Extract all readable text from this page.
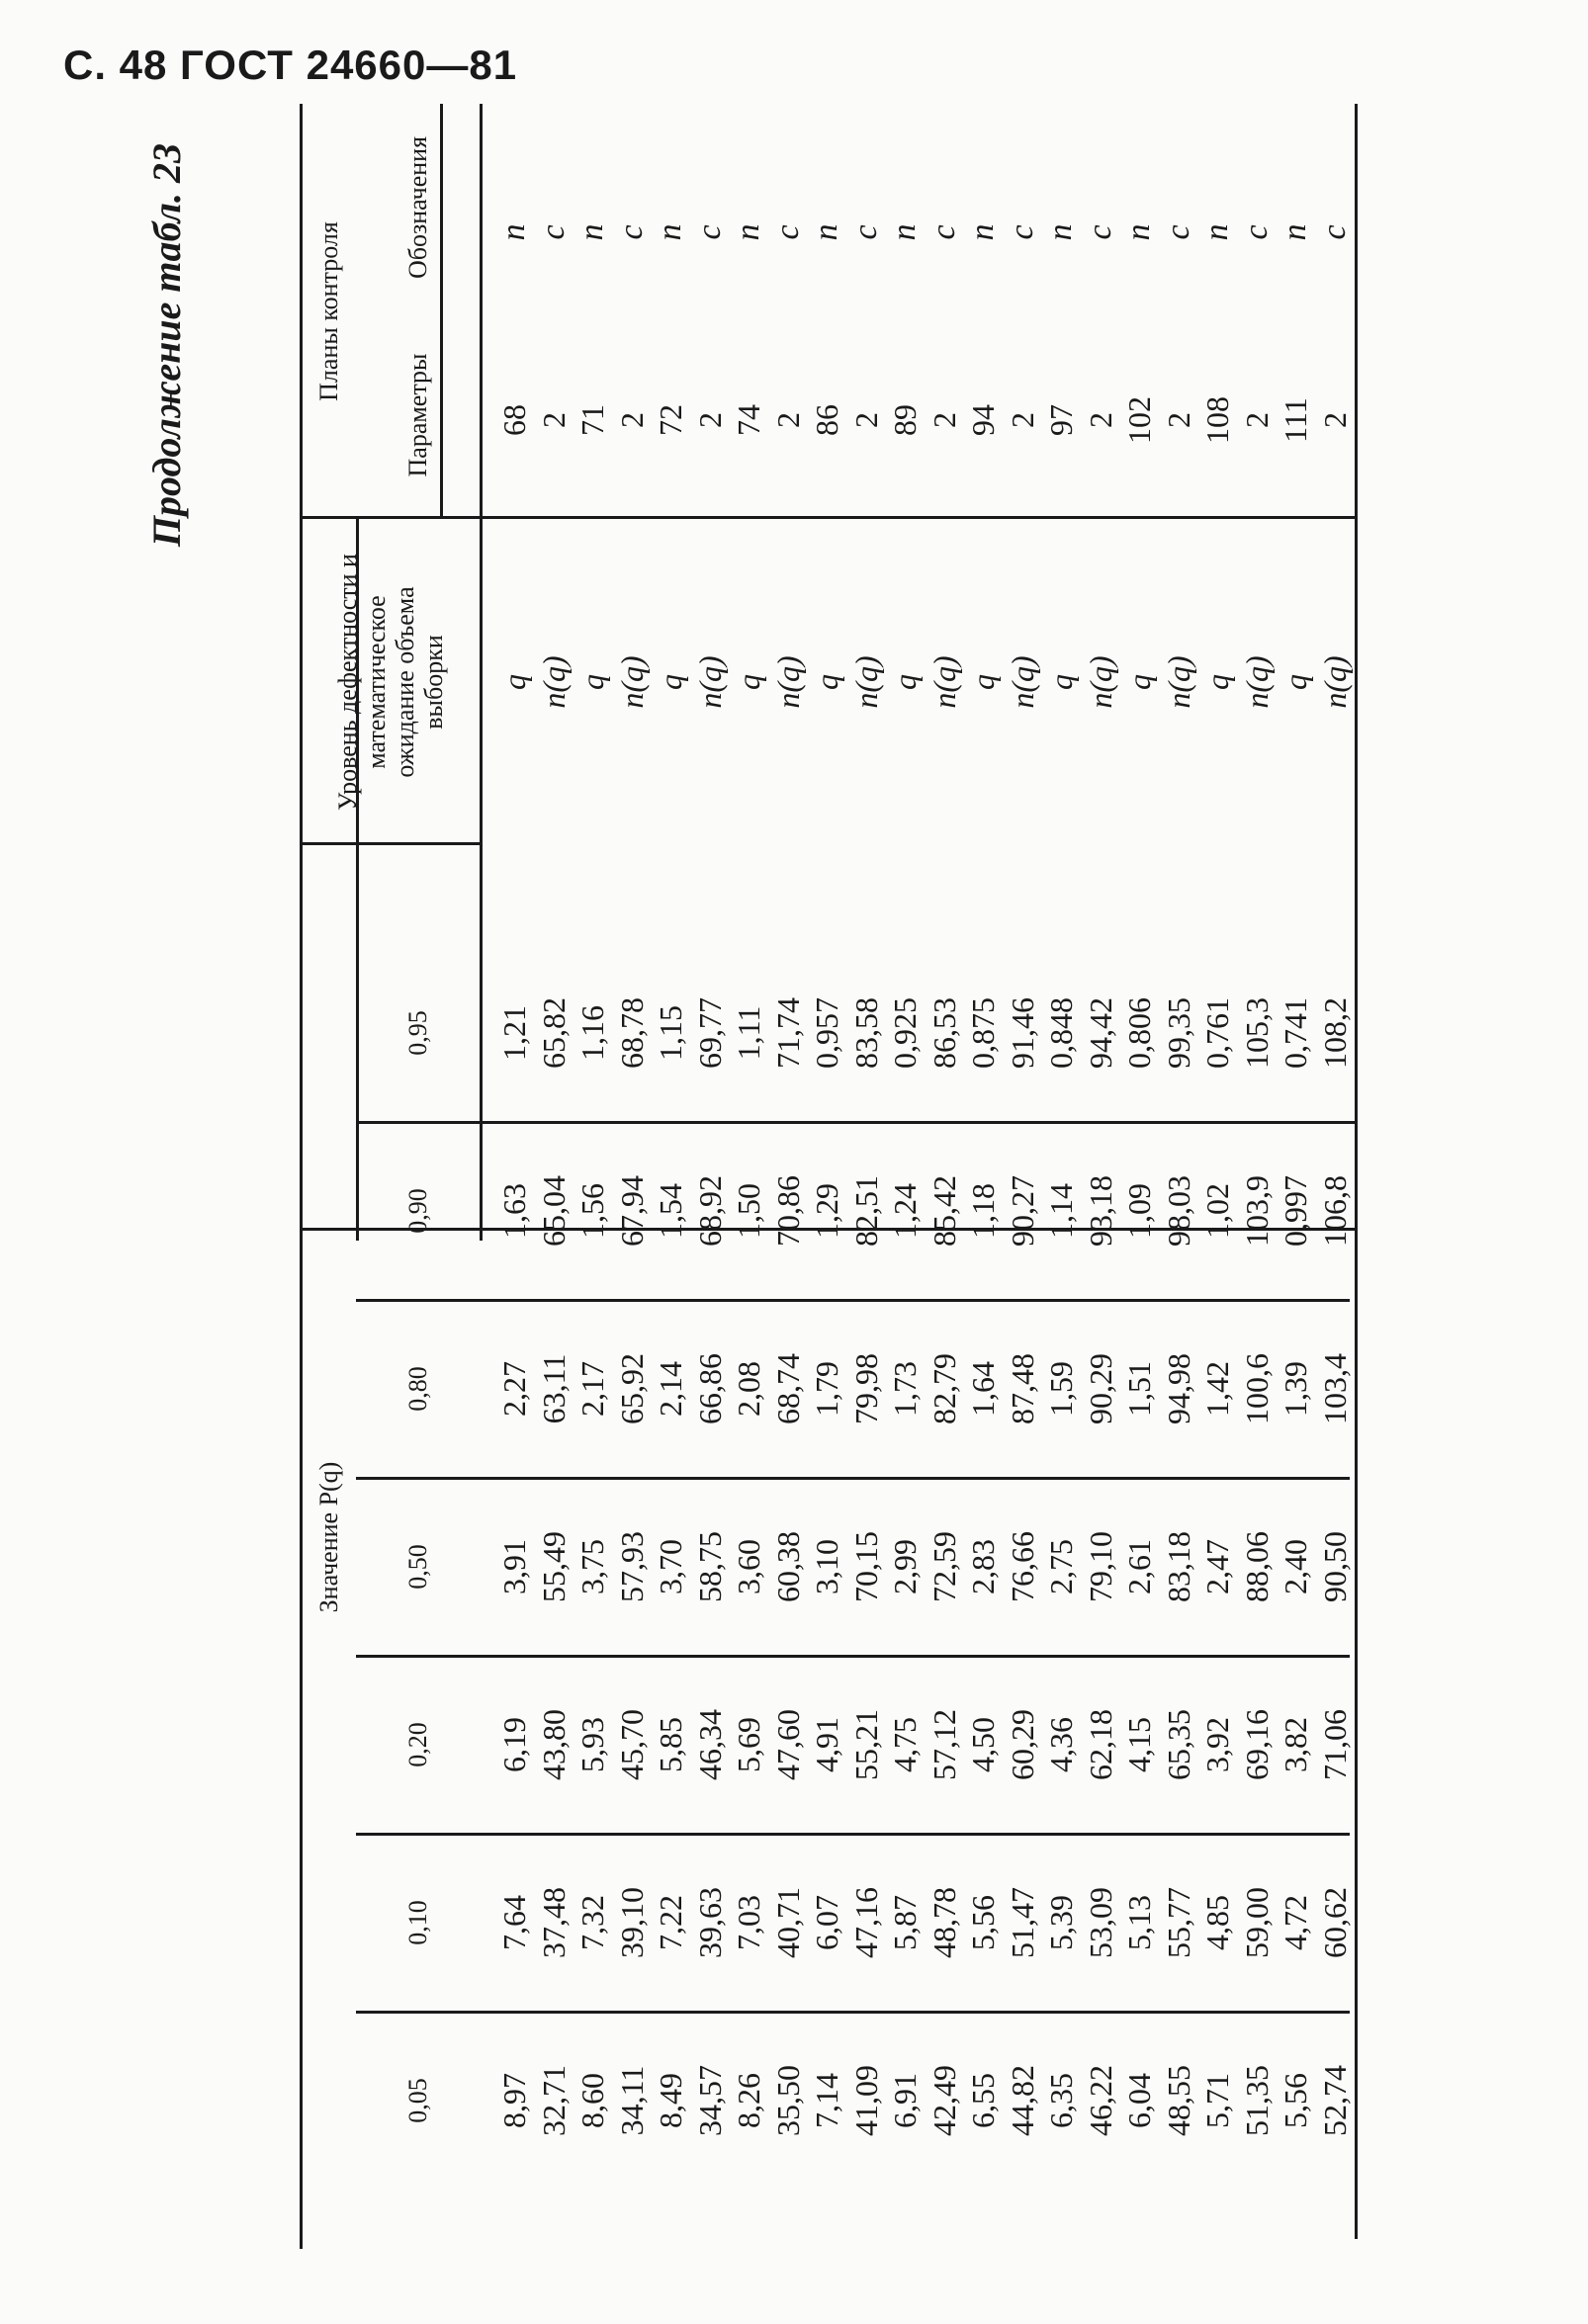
С. 48 ГОСТ 24660—81
Продолжение табл. 23	Планы контроля
Обозначения
Параметры
Уровень дефектности и математическое ожидание объема выборки
Значение P(q)
0,95
0,90
0,80
0,50
0,20
0,10
0,05
n
68
q
1,21
1,63
2,27
3,91
6,19
7,64
8,97
c
2
n(q)
65,82
65,04
63,11
55,49
43,80
37,48
32,71
n
71
q
1,16
1,56
2,17
3,75
5,93
7,32
8,60
c
2
n(q)
68,78
67,94
65,92
57,93
45,70
39,10
34,11
n
72
q
1,15
1,54
2,14
3,70
5,85
7,22
8,49
c
2
n(q)
69,77
68,92
66,86
58,75
46,34
39,63
34,57
n
74
q
1,11
1,50
2,08
3,60
5,69
7,03
8,26
c
2
n(q)
71,74
70,86
68,74
60,38
47,60
40,71
35,50
n
86
q
0,957
1,29
1,79
3,10
4,91
6,07
7,14
c
2
n(q)
83,58
82,51
79,98
70,15
55,21
47,16
41,09
n
89
q
0,925
1,24
1,73
2,99
4,75
5,87
6,91
c
2
n(q)
86,53
85,42
82,79
72,59
57,12
48,78
42,49
n
94
q
0,875
1,18
1,64
2,83
4,50
5,56
6,55
c
2
n(q)
91,46
90,27
87,48
76,66
60,29
51,47
44,82
n
97
q
0,848
1,14
1,59
2,75
4,36
5,39
6,35
c
2
n(q)
94,42
93,18
90,29
79,10
62,18
53,09
46,22
n
102
q
0,806
1,09
1,51
2,61
4,15
5,13
6,04
c
2
n(q)
99,35
98,03
94,98
83,18
65,35
55,77
48,55
n
108
q
0,761
1,02
1,42
2,47
3,92
4,85
5,71
c
2
n(q)
105,3
103,9
100,6
88,06
69,16
59,00
51,35
n
111
q
0,741
0,997
1,39
2,40
3,82
4,72
5,56
c
2
n(q)
108,2
106,8
103,4
90,50
71,06
60,62
52,74
